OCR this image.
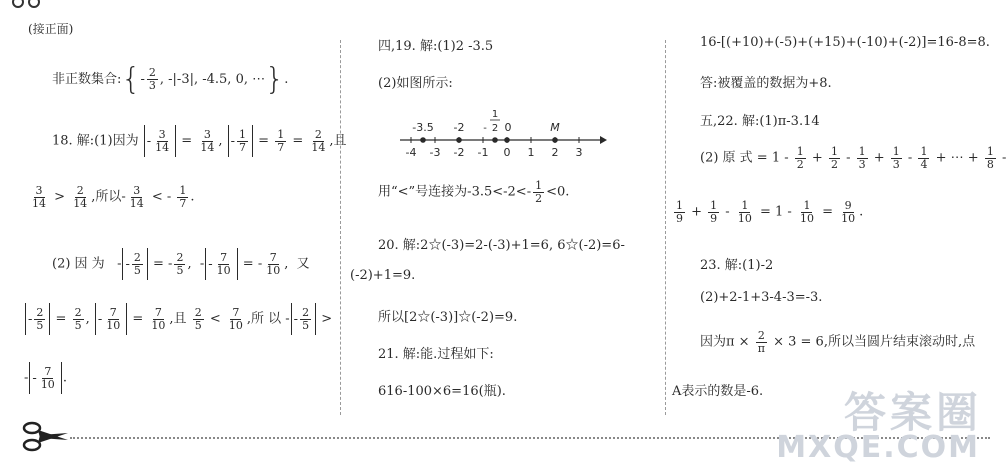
(接正面)
非正数集合:{- $\frac{2}{3}$ , -|-3|, -4.5, 0, ⋯}.
18. 解:(1)因为 - $\frac{3}{14} = \frac{3}{14}$ , - $\frac{1}{7} = \frac{1}{7} = \frac{2}{14}$ ,且
$\frac{3}{14} > \frac{2}{14}$ ,所以- $\frac{3}{14}$ < - $\frac{1}{7}$ .
(2) 因 为   - - $\frac{2}{5}$ = - $\frac{2}{5}$ ,  - - $\frac{7}{10}$ = - $\frac{7}{10}$ ,  又
- $\frac{2}{5} = \frac{2}{5}$ , - $\frac{7}{10} = \frac{7}{10}$ ,且 $\frac{2}{5} < \frac{7}{10}$ ,所 以 - - $\frac{2}{5}$ >
- - $\frac{7}{10}$ .
四,19. 解:(1)2 -3.5
(2)如图所示:
-4 -3 -2 -1 0 1 2 3
-3.5 -2
1
- 2 0	M
用“<”号连接为$-3.5<-2<- \frac{1}{2} <0$.
20. 解:2☆(-3)=2-(-3)+1=6, 6☆(-2)=6-
(-2)+1=9.
所以[2☆(-3)]☆(-2)=9.
21. 解:能.过程如下:
616-100×6=16(瓶).
16-[(+10)+(-5)+(+15)+(-10)+(-2)]=16-8=8.
答:被覆盖的数据为+8.
五,22. 解:(1)π-3.14
(2) 原 式 = $1 - \frac{1}{2} + \frac{1}{2} - \frac{1}{3} + \frac{1}{3} - \frac{1}{4}$ + ⋯ + $\frac{1}{8}$ -
$\frac{1}{9} + \frac{1}{9} - \frac{1}{10} = 1 - \frac{1}{10} = \frac{9}{10}$ .
23. 解:(1)-2
(2)+2-1+3-4-3=-3.
因为$\pi \times \frac{2}{\pi} \times 3 = 6$,所以当圆片结束滚动时,点
A表示的数是-6. 答案圈
MXQE.COM
